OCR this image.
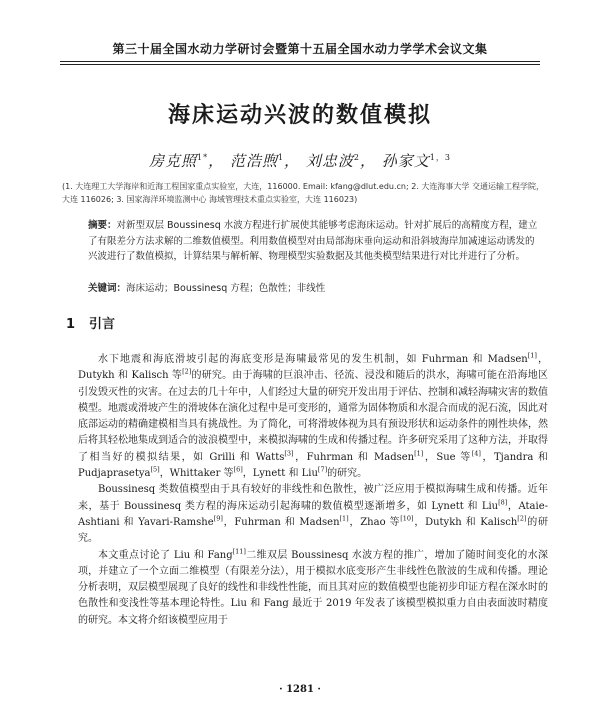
第三十届全国水动力学研讨会暨第十五届全国水动力学学术会议文集
海床运动兴波的数值模拟
房克照$^{1*}$， 范浩煦$^1$， 刘忠波$^2$， 孙家文$^{1,3}$
(1. 大连理工大学海岸和近海工程国家重点实验室，大连，116000. Email: kfang@dlut.edu.cn; 2. 大连海事大学 交通运输工程学院，大连 116026; 3. 国家海洋环境监测中心 海域管理技术重点实验室，大连 116023)
摘要：对新型双层 Boussinesq 水波方程进行扩展使其能够考虑海床运动。针对扩展后的高精度方程，建立了有限差分方法求解的二维数值模型。利用数值模型对由局部海床垂向运动和沿斜坡海岸加减速运动诱发的兴波进行了数值模拟，计算结果与解析解、物理模型实验数据及其他类模型结果进行对比并进行了分析。
关键词：海床运动；Boussinesq 方程；色散性；非线性
1 引言

水下地震和海底滑坡引起的海底变形是海啸最常见的发生机制，如 Fuhrman 和 Madsen[1]，Dutykh 和 Kalisch 等[2]的研究。由于海啸的巨浪冲击、径流、浸没和随后的洪水，海啸可能在沿海地区引发毁灭性的灾害。在过去的几十年中，人们经过大量的研究开发出用于评估、控制和减轻海啸灾害的数值模型。地震或滑坡产生的滑坡体在演化过程中是可变形的，通常为固体物质和水混合而成的泥石流，因此对底部运动的精确建模相当具有挑战性。为了简化，可将滑坡体视为具有预设形状和运动条件的刚性块体，然后将其轻松地集成到适合的波浪模型中，来模拟海啸的生成和传播过程。许多研究采用了这种方法，并取得了相当好的模拟结果，如 Grilli 和 Watts[3]，Fuhrman 和 Madsen[1]，Sue 等[4]，Tjandra 和 Pudjaprasetya[5]，Whittaker 等[6]，Lynett 和 Liu[7]的研究。

Boussinesq 类数值模型由于具有较好的非线性和色散性，被广泛应用于模拟海啸生成和传播。近年来，基于 Boussinesq 类方程的海床运动引起海啸的数值模型逐渐增多，如 Lynett 和 Liu[8]，Ataie-Ashtiani 和 Yavari-Ramshe[9]，Fuhrman 和 Madsen[1]，Zhao 等[10]，Dutykh 和 Kalisch[2]的研究。

本文重点讨论了 Liu 和 Fang[11]二维双层 Boussinesq 水波方程的推广，增加了随时间变化的水深项，并建立了一个立面二维模型（有限差分法），用于模拟水底变形产生非线性色散波的生成和传播。理论分析表明，双层模型展现了良好的线性和非线性性能，而且其对应的数值模型也能初步印证方程在深水时的色散性和变浅性等基本理论特性。Liu 和 Fang 最近于 2019 年发表了该模型模拟重力自由表面波时精度的研究。本文将介绍该模型应用于

· 1281 ·
